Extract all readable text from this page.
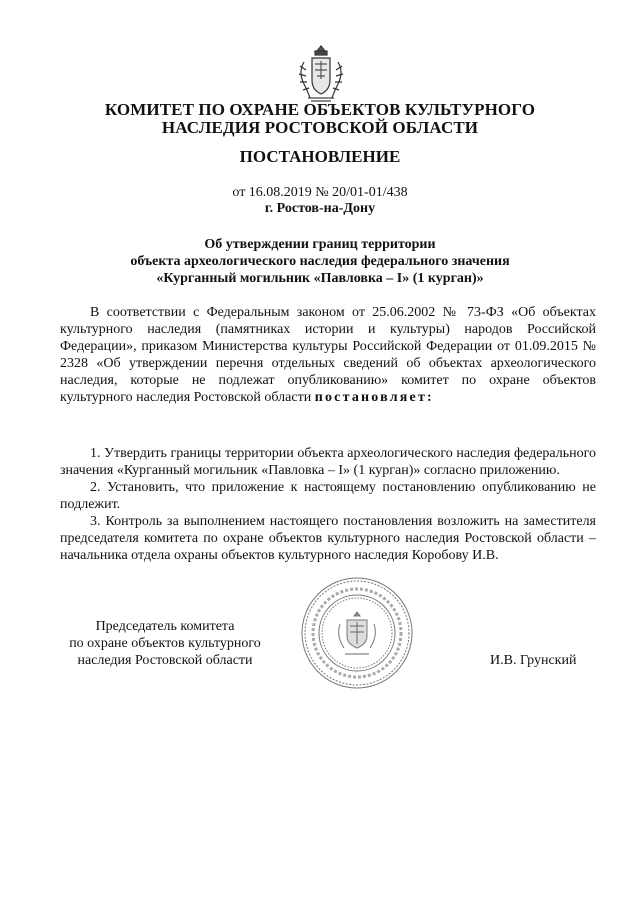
КОМИТЕТ ПО ОХРАНЕ ОБЪЕКТОВ КУЛЬТУРНОГО
НАСЛЕДИЯ РОСТОВСКОЙ ОБЛАСТИ
ПОСТАНОВЛЕНИЕ
от 16.08.2019 № 20/01-01/438
г. Ростов-на-Дону
Об утверждении границ территории
объекта археологического наследия федерального значения
«Курганный могильник «Павловка – I» (1 курган)»
В соответствии с Федеральным законом от 25.06.2002 № 73-ФЗ «Об объектах культурного наследия (памятниках истории и культуры) народов Российской Федерации», приказом Министерства культуры Российской Федерации от 01.09.2015 № 2328 «Об утверждении перечня отдельных сведений об объектах археологического наследия, которые не подлежат опубликованию» комитет по охране объектов культурного наследия Ростовской области постановляет:

1. Утвердить границы территории объекта археологического наследия федерального значения «Курганный могильник «Павловка – I» (1 курган)» согласно приложению.

2. Установить, что приложение к настоящему постановлению опубликованию не подлежит.

3. Контроль за выполнением настоящего постановления возложить на заместителя председателя комитета по охране объектов культурного наследия Ростовской области – начальника отдела охраны объектов культурного наследия Коробову И.В.

Председатель комитета
по охране объектов культурного
наследия Ростовской области	И.В. Грунский
